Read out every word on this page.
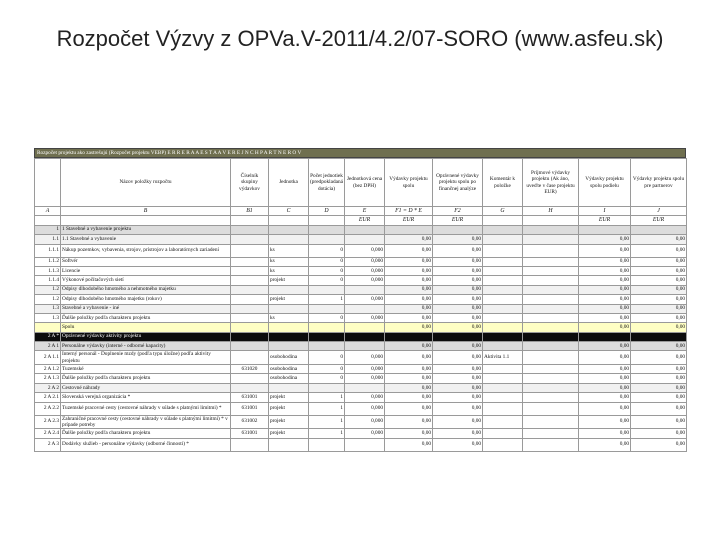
Rozpočet Výzvy z OPVa.V-2011/4.2/07-SORO (www.asfeu.sk)
Rozpočet projektu ako zastrešujú (Rozpočet projektu VEBP) E R R E R A A E S T A A V E R E J N C H P A R T N E R O V
	Názov položky rozpočtu	Číselník skupiny výdavkov	Jednotka	Počet jednotiek (predpokladaná dotácia)	Jednotková cena (bez DPH)	Výdavky projektu spolu	Oprávnené výdavky projektu spolu po finančnej analýze	Komentár k položke	Príjmové výdavky projektu (Ak áno, uveďte v čase projektu EUR)	Výdavky projektu spolu podielu	Výdavky projektu spolu pre partnerov
A	B	B1	C	D	E	F1 = D * E	F2	G	H	I	J
					EUR	EUR	EUR			EUR	EUR
1	1 Stavebné a vybavenie projektu										
1.1	1.1 Stavebné a vybavenie					0,00	0,00			0,00	0,00
1.1.1	Nákup pozemkov, vybavenia, strojov, prístrojov a laboratórnych zariadení		ks	0	0,000	0,00	0,00			0,00	0,00
1.1.2	Softvér		ks	0	0,000	0,00	0,00			0,00	0,00
1.1.3	Licencie		ks	0	0,000	0,00	0,00			0,00	0,00
1.1.4	Výkonové počítačových sietí		projekt	0	0,000	0,00	0,00			0,00	0,00
1.2	Odpisy dlhodobého hmotného a nehmotného majetku					0,00	0,00			0,00	0,00
1.2	Odpisy dlhodobého hmotného majetku (rokov)		projekt	1	0,000	0,00	0,00			0,00	0,00
1.3	Stavebné a vybavenie - iné					0,00	0,00			0,00	0,00
1.3	Ďalšie položky podľa charakteru projektu		ks	0	0,000	0,00	0,00			0,00	0,00
	Spolu					0,00	0,00			0,00	0,00
2 A *	Oprávnené výdavky aktivity projektu										
2 A 1	Personálne výdavky (interné - odborné kapacity)					0,00	0,00			0,00	0,00
2 A 1.1	Interný personál - Doplnenie mzdy (podľa typu úložne) podľa aktivity projektu		osobohodina	0	0,000	0,00	0,00	Aktivita 1.1		0,00	0,00
2 A 1.2	Tuzemské	631020	osobohodina	0	0,000	0,00	0,00			0,00	0,00
2 A 1.3	Ďalšie položky podľa charakteru projektu		osobohodina	0	0,000	0,00	0,00			0,00	0,00
2 A 2	Cestovné náhrady					0,00	0,00			0,00	0,00
2 A 2.1	Slovenská verejná organizácia *	631001	projekt	1	0,000	0,00	0,00			0,00	0,00
2 A 2.2	Tuzemské pracovné cesty (cestovné náhrady v súlade s platnými limitmi) *	631001	projekt	1	0,000	0,00	0,00			0,00	0,00
2 A 2.3	Zahraničné pracovné cesty (cestovné náhrady v súlade s platnými limitmi) * v prípade potreby	631002	projekt	1	0,000	0,00	0,00			0,00	0,00
2 A 2.4	Ďalšie položky podľa charakteru projektu	631001	projekt	1	0,000	0,00	0,00			0,00	0,00
2 A 3	Dodávky služieb - personálne výdavky (odborné činnosti) *					0,00	0,00			0,00	0,00
